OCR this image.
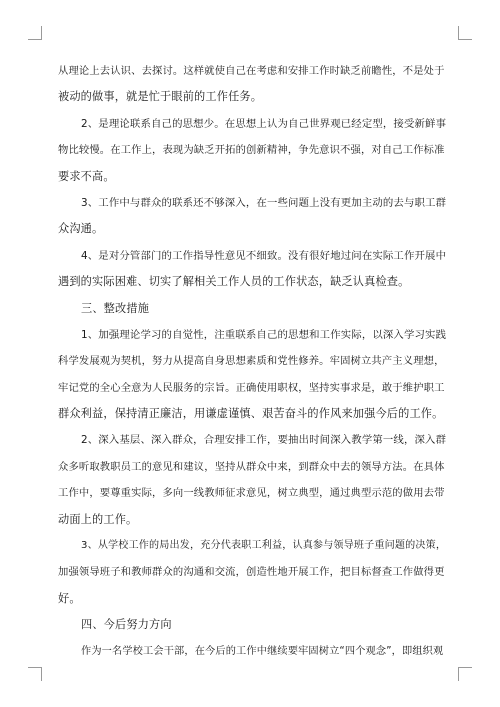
从理论上去认识、去探讨。这样就使自己在考虑和安排工作时缺乏前瞻性，不是处于
被动的做事，就是忙于眼前的工作任务。
2、是理论联系自己的思想少。在思想上认为自己世界观已经定型，接受新鲜事
物比较慢。在工作上，表现为缺乏开拓的创新精神，争先意识不强，对自己工作标准
要求不高。
3、工作中与群众的联系还不够深入，在一些问题上没有更加主动的去与职工群
众沟通。
4、是对分管部门的工作指导性意见不细致。没有很好地过问在实际工作开展中
遇到的实际困难、切实了解相关工作人员的工作状态，缺乏认真检查。
三、整改措施
1、加强理论学习的自觉性，注重联系自己的思想和工作实际，以深入学习实践
科学发展观为契机，努力从提高自身思想素质和党性修养。牢固树立共产主义理想，
牢记党的全心全意为人民服务的宗旨。正确使用职权，坚持实事求是，敢于维护职工
群众利益，保持清正廉洁，用谦虚谨慎、艰苦奋斗的作风来加强今后的工作。
2、深入基层、深入群众，合理安排工作，要抽出时间深入教学第一线，深入群
众多听取教职员工的意见和建议，坚持从群众中来，到群众中去的领导方法。在具体
工作中，要尊重实际，多向一线教师征求意见，树立典型，通过典型示范的做用去带
动面上的工作。
3、从学校工作的局出发，充分代表职工利益，认真参与领导班子重问题的决策，
加强领导班子和教师群众的沟通和交流，创造性地开展工作，把目标督查工作做得更
好。
四、今后努力方向
作为一名学校工会干部，在今后的工作中继续要牢固树立“四个观念”，即组织观
